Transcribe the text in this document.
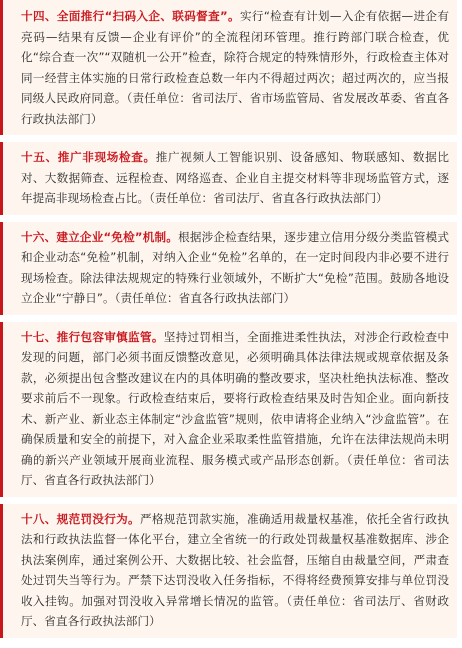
十四、全面推行“扫码入企、联码督查”。实行“检查有计划—入企有依据—进企有亮码—结果有反馈—企业有评价”的全流程闭环管理。推行跨部门联合检查，优化“综合查一次”“双随机一公开”检查，除符合规定的特殊情形外，行政检查主体对同一经营主体实施的日常行政检查总数一年内不得超过两次；超过两次的，应当报同级人民政府同意。（责任单位：省司法厅、省市场监管局、省发展改革委、省直各行政执法部门）

十五、推广非现场检查。推广视频人工智能识别、设备感知、物联感知、数据比对、大数据筛查、远程检查、网络巡查、企业自主提交材料等非现场监管方式，逐年提高非现场检查占比。（责任单位：省司法厅、省直各行政执法部门）

十六、建立企业“免检”机制。根据涉企检查结果，逐步建立信用分级分类监管模式和企业动态“免检”机制，对纳入企业“免检”名单的，在一定时间段内非必要不进行现场检查。除法律法规规定的特殊行业领域外，不断扩大“免检”范围。鼓励各地设立企业“宁静日”。（责任单位：省直各行政执法部门）

十七、推行包容审慎监管。坚持过罚相当，全面推进柔性执法，对涉企行政检查中发现的问题，部门必须书面反馈整改意见，必须明确具体法律法规或规章依据及条款，必须提出包含整改建议在内的具体明确的整改要求，坚决杜绝执法标准、整改要求前后不一现象。行政检查结束后，要将行政检查结果及时告知企业。面向新技术、新产业、新业态主体制定“沙盒监管”规则，依申请将企业纳入“沙盒监管”。在确保质量和安全的前提下，对入盒企业采取柔性监管措施，允许在法律法规尚未明确的新兴产业领域开展商业流程、服务模式或产品形态创新。（责任单位：省司法厅、省直各行政执法部门）

十八、规范罚没行为。严格规范罚款实施，准确适用裁量权基准，依托全省行政执法和行政执法监督一体化平台，建立全省统一的行政处罚裁量权基准数据库、涉企执法案例库，通过案例公开、大数据比较、社会监督，压缩自由裁量空间，严肃查处过罚失当等行为。严禁下达罚没收入任务指标，不得将经费预算安排与单位罚没收入挂钩。加强对罚没收入异常增长情况的监管。（责任单位：省司法厅、省财政厅、省直各行政执法部门）
